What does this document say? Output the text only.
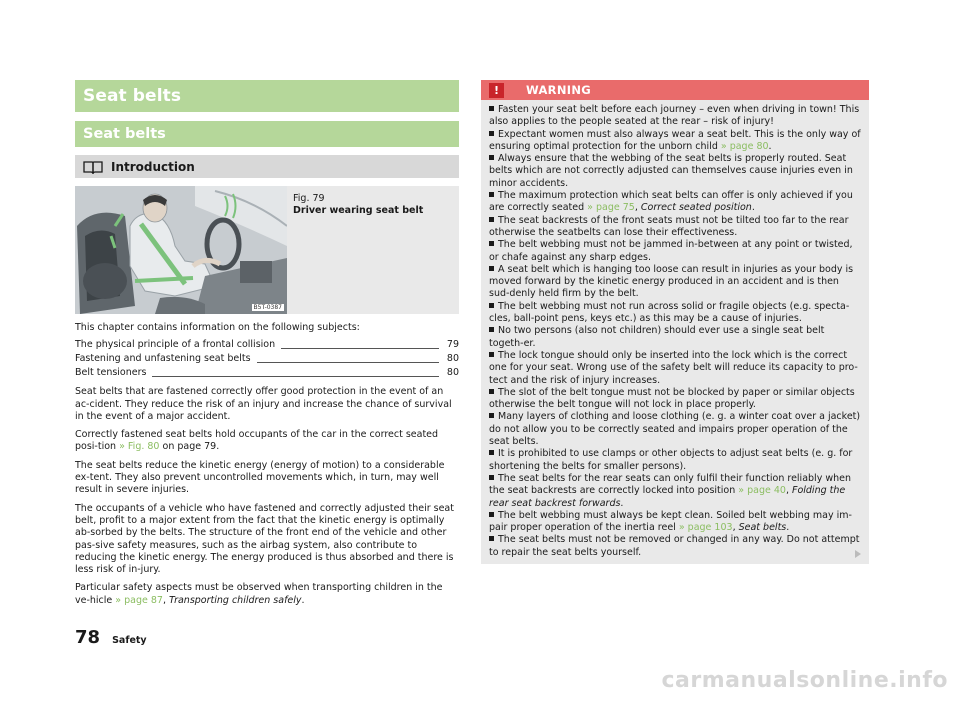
Seat belts
Seat belts
Introduction
B5T-0387
Fig. 79
Driver wearing seat belt

This chapter contains information on the following subjects:

The physical principle of a frontal collision	79
Fastening and unfastening seat belts	80
Belt tensioners	80

Seat belts that are fastened correctly offer good protection in the event of an ac-cident. They reduce the risk of an injury and increase the chance of survival in the event of a major accident.

Correctly fastened seat belts hold occupants of the car in the correct seated posi-tion » Fig. 80 on page 79.

The seat belts reduce the kinetic energy (energy of motion) to a considerable ex-tent. They also prevent uncontrolled movements which, in turn, may well result in severe injuries.

The occupants of a vehicle who have fastened and correctly adjusted their seat belt, profit to a major extent from the fact that the kinetic energy is optimally ab-sorbed by the belts. The structure of the front end of the vehicle and other pas-sive safety measures, such as the airbag system, also contribute to reducing the kinetic energy. The energy produced is thus absorbed and there is less risk of in-jury.

Particular safety aspects must be observed when transporting children in the ve-hicle » page 87, Transporting children safely.

!	WARNING
Fasten your seat belt before each journey – even when driving in town! This also applies to the people seated at the rear – risk of injury!
Expectant women must also always wear a seat belt. This is the only way of ensuring optimal protection for the unborn child » page 80.
Always ensure that the webbing of the seat belts is properly routed. Seat belts which are not correctly adjusted can themselves cause injuries even in minor accidents.
The maximum protection which seat belts can offer is only achieved if you are correctly seated » page 75, Correct seated position.
The seat backrests of the front seats must not be tilted too far to the rear otherwise the seatbelts can lose their effectiveness.
The belt webbing must not be jammed in-between at any point or twisted, or chafe against any sharp edges.
A seat belt which is hanging too loose can result in injuries as your body is moved forward by the kinetic energy produced in an accident and is then sud-denly held firm by the belt.
The belt webbing must not run across solid or fragile objects (e.g. specta-cles, ball-point pens, keys etc.) as this may be a cause of injuries.
No two persons (also not children) should ever use a single seat belt togeth-er.
The lock tongue should only be inserted into the lock which is the correct one for your seat. Wrong use of the safety belt will reduce its capacity to pro-tect and the risk of injury increases.
The slot of the belt tongue must not be blocked by paper or similar objects otherwise the belt tongue will not lock in place properly.
Many layers of clothing and loose clothing (e. g. a winter coat over a jacket) do not allow you to be correctly seated and impairs proper operation of the seat belts.
It is prohibited to use clamps or other objects to adjust seat belts (e. g. for shortening the belts for smaller persons).
The seat belts for the rear seats can only fulfil their function reliably when the seat backrests are correctly locked into position » page 40, Folding the rear seat backrest forwards.
The belt webbing must always be kept clean. Soiled belt webbing may im-pair proper operation of the inertia reel » page 103, Seat belts.
The seat belts must not be removed or changed in any way. Do not attempt to repair the seat belts yourself.
78 Safety
carmanualsonline.info
